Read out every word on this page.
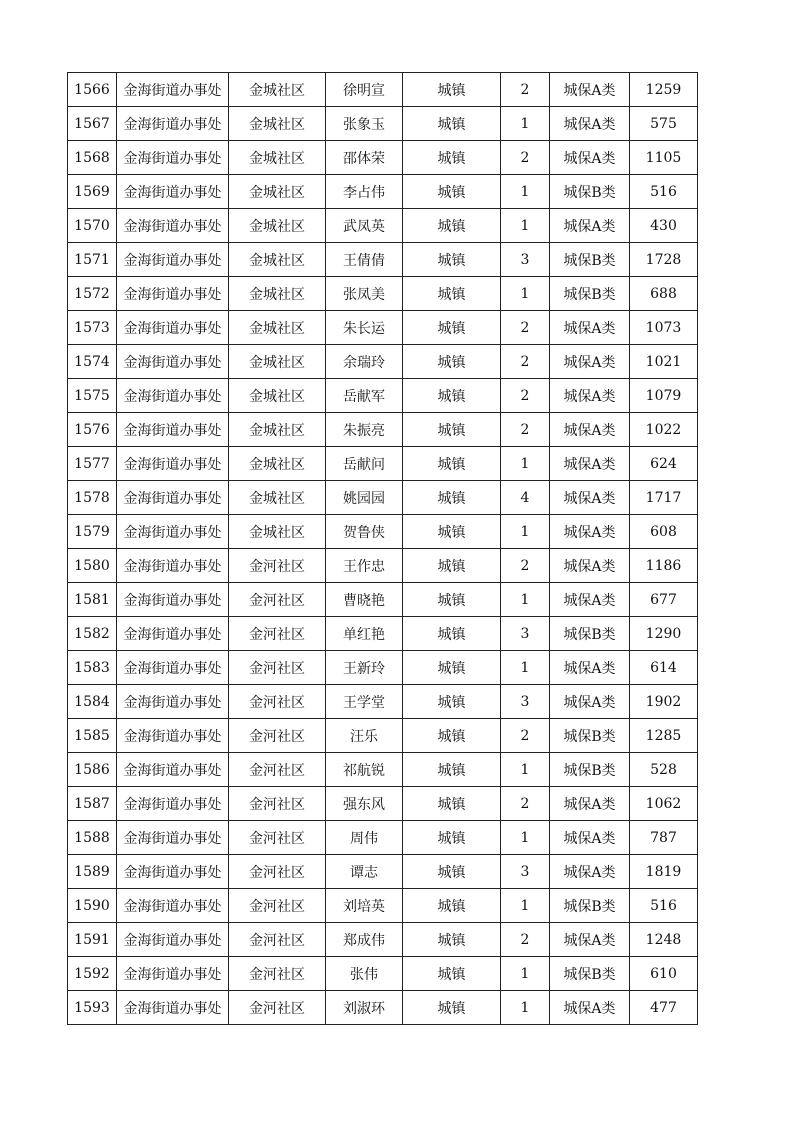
1566	金海街道办事处	金城社区	徐明宣	城镇	2	城保A类	1259
1567	金海街道办事处	金城社区	张象玉	城镇	1	城保A类	575
1568	金海街道办事处	金城社区	邵体荣	城镇	2	城保A类	1105
1569	金海街道办事处	金城社区	李占伟	城镇	1	城保B类	516
1570	金海街道办事处	金城社区	武凤英	城镇	1	城保A类	430
1571	金海街道办事处	金城社区	王倩倩	城镇	3	城保B类	1728
1572	金海街道办事处	金城社区	张凤美	城镇	1	城保B类	688
1573	金海街道办事处	金城社区	朱长运	城镇	2	城保A类	1073
1574	金海街道办事处	金城社区	余瑞玲	城镇	2	城保A类	1021
1575	金海街道办事处	金城社区	岳献军	城镇	2	城保A类	1079
1576	金海街道办事处	金城社区	朱振亮	城镇	2	城保A类	1022
1577	金海街道办事处	金城社区	岳献问	城镇	1	城保A类	624
1578	金海街道办事处	金城社区	姚园园	城镇	4	城保A类	1717
1579	金海街道办事处	金城社区	贺鲁侠	城镇	1	城保A类	608
1580	金海街道办事处	金河社区	王作忠	城镇	2	城保A类	1186
1581	金海街道办事处	金河社区	曹晓艳	城镇	1	城保A类	677
1582	金海街道办事处	金河社区	单红艳	城镇	3	城保B类	1290
1583	金海街道办事处	金河社区	王新玲	城镇	1	城保A类	614
1584	金海街道办事处	金河社区	王学堂	城镇	3	城保A类	1902
1585	金海街道办事处	金河社区	汪乐	城镇	2	城保B类	1285
1586	金海街道办事处	金河社区	祁航锐	城镇	1	城保B类	528
1587	金海街道办事处	金河社区	强东风	城镇	2	城保A类	1062
1588	金海街道办事处	金河社区	周伟	城镇	1	城保A类	787
1589	金海街道办事处	金河社区	谭志	城镇	3	城保A类	1819
1590	金海街道办事处	金河社区	刘培英	城镇	1	城保B类	516
1591	金海街道办事处	金河社区	郑成伟	城镇	2	城保A类	1248
1592	金海街道办事处	金河社区	张伟	城镇	1	城保B类	610
1593	金海街道办事处	金河社区	刘淑环	城镇	1	城保A类	477
